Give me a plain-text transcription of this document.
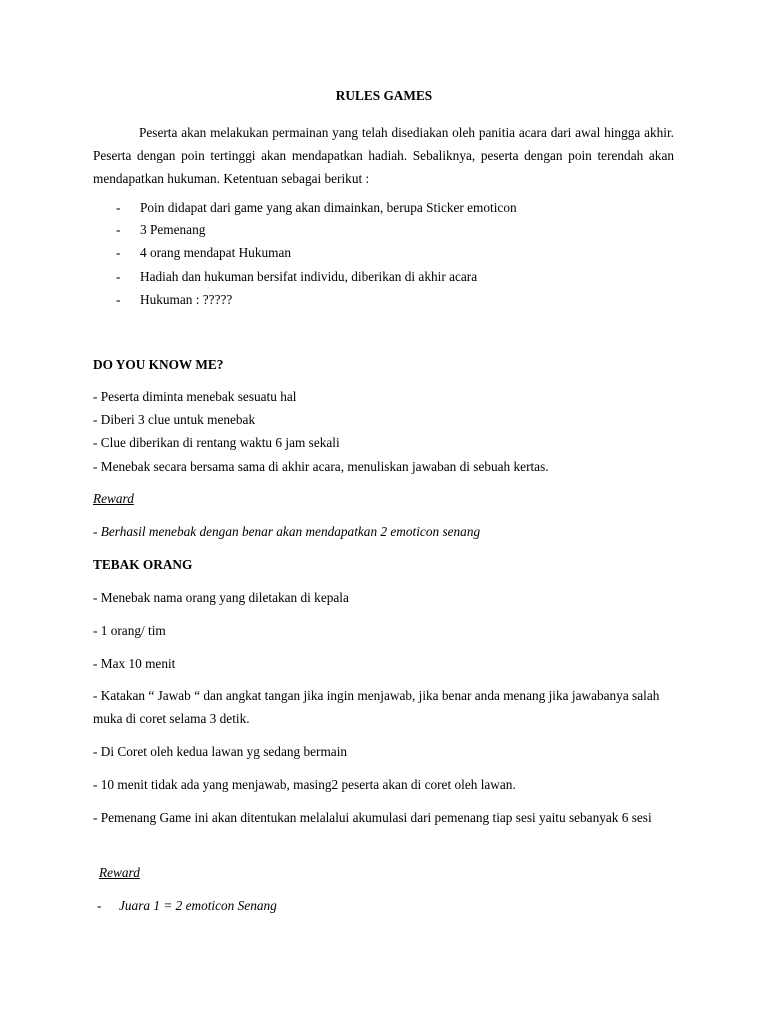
RULES GAMES

Peserta akan melakukan permainan yang telah disediakan oleh panitia acara dari awal hingga akhir. Peserta dengan poin tertinggi akan mendapatkan hadiah. Sebaliknya, peserta dengan poin terendah akan mendapatkan hukuman. Ketentuan sebagai berikut :

- Poin didapat dari game yang akan dimainkan, berupa Sticker emoticon
- 3 Pemenang
- 4 orang mendapat Hukuman
- Hadiah dan hukuman bersifat individu, diberikan di akhir acara
- Hukuman : ?????
DO YOU KNOW ME?
- Peserta diminta menebak sesuatu hal
- Diberi 3 clue untuk menebak
- Clue diberikan di rentang waktu 6 jam sekali
- Menebak secara bersama sama di akhir acara, menuliskan jawaban di sebuah kertas.
Reward
- Berhasil menebak dengan benar akan mendapatkan 2 emoticon senang
TEBAK ORANG
- Menebak nama orang yang diletakan di kepala
- 1 orang/ tim
- Max 10 menit
- Katakan “ Jawab “ dan angkat tangan jika ingin menjawab, jika benar anda menang jika jawabanya salah muka di coret selama 3 detik.
- Di Coret oleh kedua lawan yg sedang bermain
- 10 menit tidak ada yang menjawab, masing2 peserta akan di coret oleh lawan.
- Pemenang Game ini akan ditentukan melalalui akumulasi dari pemenang tiap sesi yaitu sebanyak 6 sesi
Reward
- Juara 1 = 2 emoticon Senang
